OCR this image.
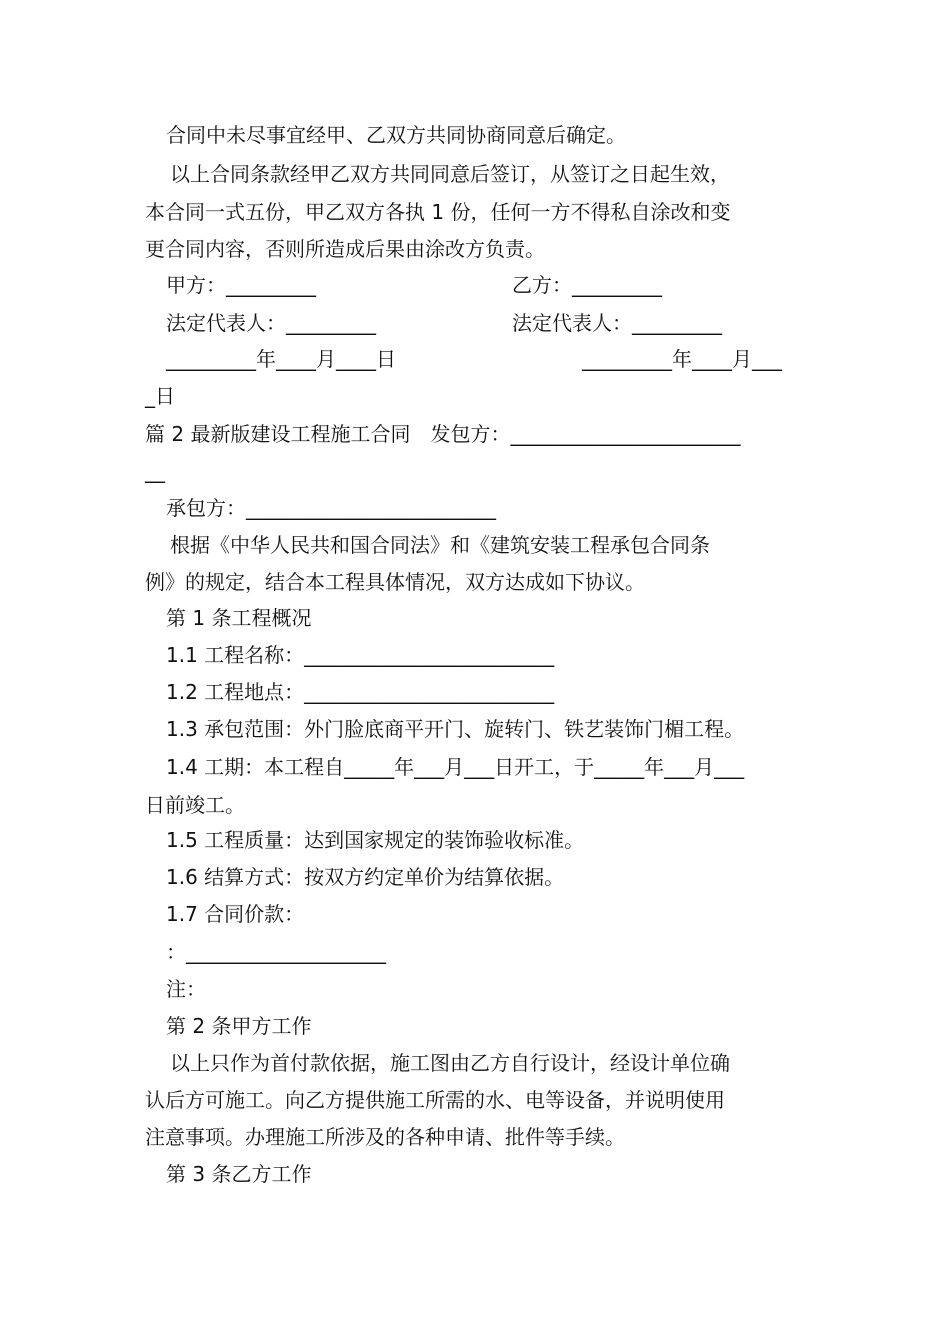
合同中未尽事宜经甲、乙双方共同协商同意后确定。
以上合同条款经甲乙双方共同同意后签订，从签订之日起生效，
本合同一式五份，甲乙双方各执 1 份，任何一方不得私自涂改和变
更合同内容，否则所造成后果由涂改方负责。
甲方：_________	乙方：_________
法定代表人：_________	法定代表人：_________
_________年____月____日	_________年____月___
_日
篇 2 最新版建设工程施工合同　发包方：_______________________
__
承包方：_________________________
根据《中华人民共和国合同法》和《建筑安装工程承包合同条
例》的规定，结合本工程具体情况，双方达成如下协议。
第 1 条工程概况
1.1 工程名称：_________________________
1.2 工程地点：_________________________
1.3 承包范围：外门脸底商平开门、旋转门、铁艺装饰门楣工程。
1.4 工期：本工程自_____年___月___日开工，于_____年___月___
日前竣工。
1.5 工程质量：达到国家规定的装饰验收标准。
1.6 结算方式：按双方约定单价为结算依据。
1.7 合同价款：
：____________________
注：
第 2 条甲方工作
以上只作为首付款依据，施工图由乙方自行设计，经设计单位确
认后方可施工。向乙方提供施工所需的水、电等设备，并说明使用
注意事项。办理施工所涉及的各种申请、批件等手续。
第 3 条乙方工作
